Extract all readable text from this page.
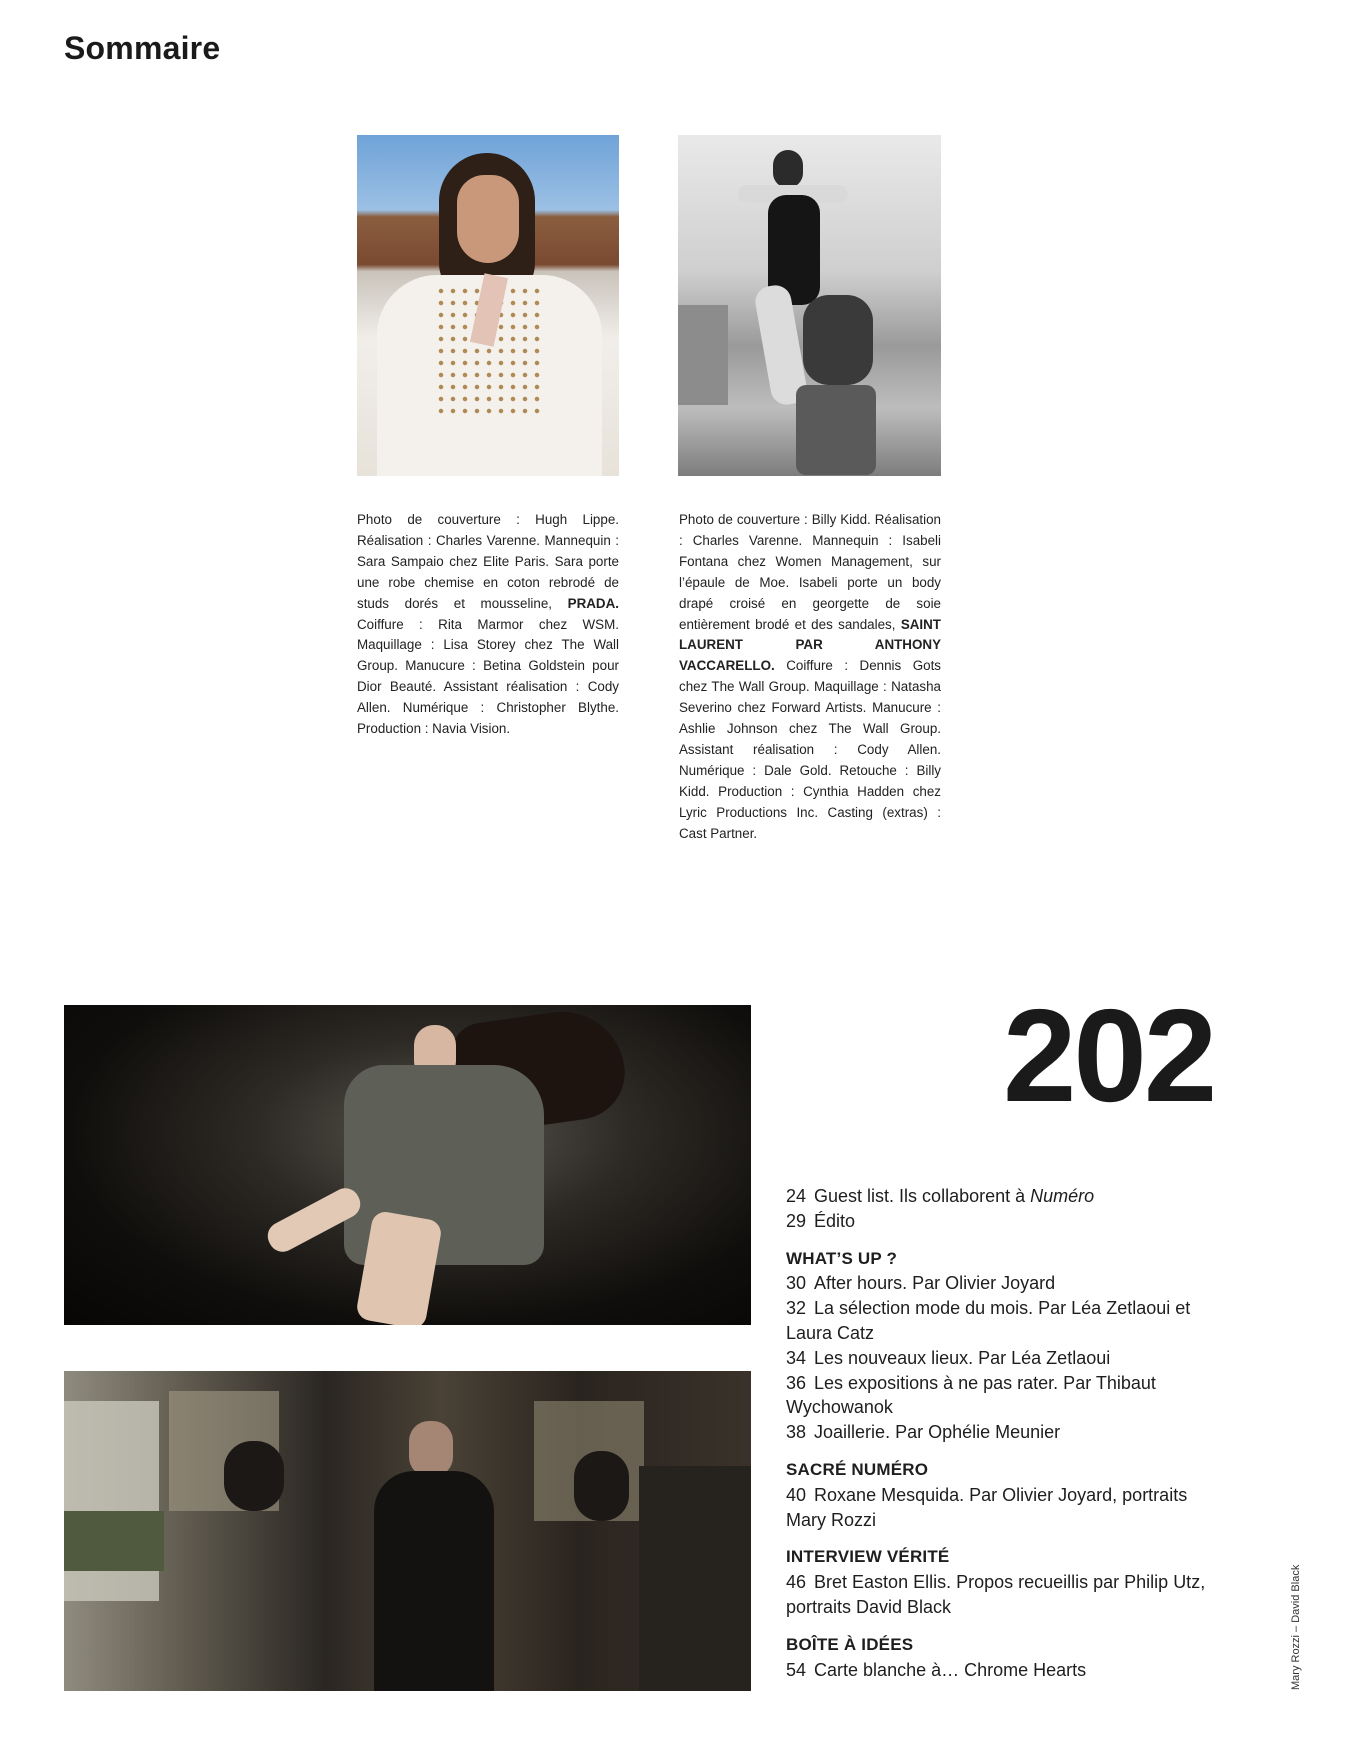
Sommaire

Photo de couverture : Hugh Lippe. Réalisation : Charles Varenne. Mannequin : Sara Sampaio chez Elite Paris. Sara porte une robe chemise en coton rebrodé de studs dorés et mousseline, PRADA. Coiffure : Rita Marmor chez WSM. Maquillage : Lisa Storey chez The Wall Group. Manucure : Betina Goldstein pour Dior Beauté. Assistant réalisation : Cody Allen. Numérique : Christopher Blythe. Production : Navia Vision.

Photo de couverture : Billy Kidd. Réalisation : Charles Varenne. Mannequin : Isabeli Fontana chez Women Management, sur l’épaule de Moe. Isabeli porte un body drapé croisé en georgette de soie entièrement brodé et des sandales, SAINT LAURENT PAR ANTHONY VACCARELLO. Coiffure : Dennis Gots chez The Wall Group. Maquillage : Natasha Severino chez Forward Artists. Manucure : Ashlie Johnson chez The Wall Group. Assistant réalisation : Cody Allen. Numérique : Dale Gold. Retouche : Billy Kidd. Production : Cynthia Hadden chez Lyric Productions Inc. Casting (extras) : Cast Partner.

202
24 Guest list. Ils collaborent à Numéro
29 Édito
WHAT’S UP ?
30 After hours. Par Olivier Joyard
32 La sélection mode du mois. Par Léa Zetlaoui et Laura Catz
34 Les nouveaux lieux. Par Léa Zetlaoui
36 Les expositions à ne pas rater. Par Thibaut Wychowanok
38 Joaillerie. Par Ophélie Meunier
SACRÉ NUMÉRO
40 Roxane Mesquida. Par Olivier Joyard, portraits Mary Rozzi
INTERVIEW VÉRITÉ
46 Bret Easton Ellis. Propos recueillis par Philip Utz, portraits David Black
BOÎTE À IDÉES
54 Carte blanche à… Chrome Hearts	Mary Rozzi – David Black
